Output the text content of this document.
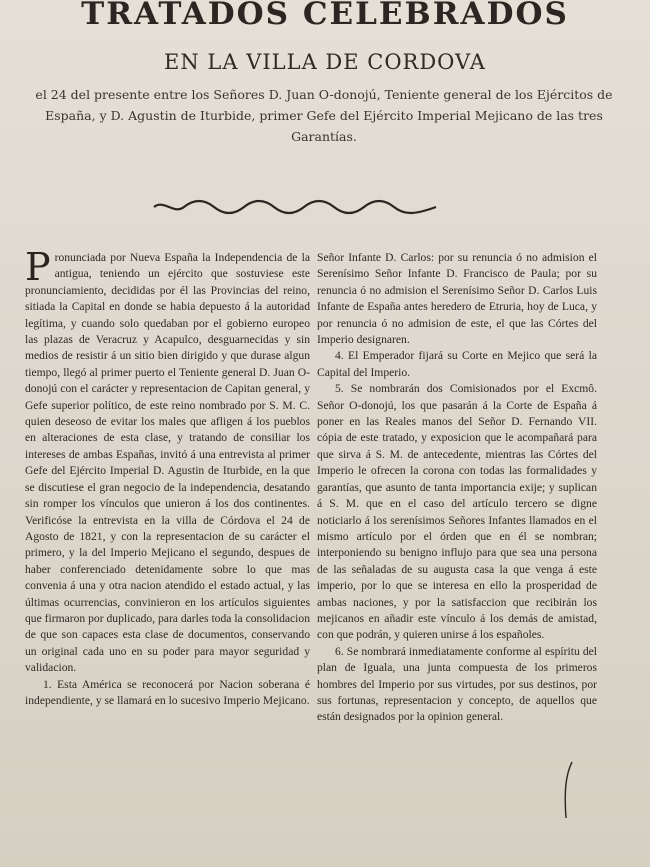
TRATADOS CELEBRADOS
EN LA VILLA DE CORDOVA
el 24 del presente entre los Señores D. Juan O-donojú, Teniente general de los Ejércitos de España, y D. Agustin de Iturbide, primer Gefe del Ejército Imperial Mejicano de las tres Garantías.

Pronunciada por Nueva España la Independencia de la antigua, teniendo un ejército que sostuviese este pronunciamiento, decididas por él las Provincias del reino, sitiada la Capital en donde se habia depuesto á la autoridad legítima, y cuando solo quedaban por el gobierno europeo las plazas de Veracruz y Acapulco, desguarnecidas y sin medios de resistir á un sitio bien dirigido y que durase algun tiempo, llegó al primer puerto el Teniente general D. Juan O-donojú con el carácter y representacion de Capitan general, y Gefe superior político, de este reino nombrado por S. M. C. quien deseoso de evitar los males que afligen á los pueblos en alteraciones de esta clase, y tratando de consiliar los intereses de ambas Españas, invitó á una entrevista al primer Gefe del Ejército Imperial D. Agustin de Iturbide, en la que se discutiese el gran negocio de la independencia, desatando sin romper los vínculos que unieron á los dos continentes. Verificóse la entrevista en la villa de Córdova el 24 de Agosto de 1821, y con la representacion de su carácter el primero, y la del Imperio Mejicano el segundo, despues de haber conferenciado detenidamente sobre lo que mas convenia á una y otra nacion atendido el estado actual, y las últimas ocurrencias, convinieron en los artículos siguientes que firmaron por duplicado, para darles toda la consolidacion de que son capaces esta clase de documentos, conservando un original cada uno en su poder para mayor seguridad y validacion.

1. Esta América se reconocerá por Nacion soberana é independiente, y se llamará en lo sucesivo Imperio Mejicano.

Señor Infante D. Carlos: por su renuncia ó no admision el Serenísimo Señor Infante D. Francisco de Paula; por su renuncia ó no admision el Serenísimo Señor D. Carlos Luis Infante de España antes heredero de Etruria, hoy de Luca, y por renuncia ó no admision de este, el que las Córtes del Imperio designaren.

4. El Emperador fijará su Corte en Mejico que será la Capital del Imperio.

5. Se nombrarán dos Comisionados por el Excmô. Señor O-donojú, los que pasarán á la Corte de España á poner en las Reales manos del Señor D. Fernando VII. cópia de este tratado, y exposicion que le acompañará para que sirva á S. M. de antecedente, mientras las Córtes del Imperio le ofrecen la corona con todas las formalidades y garantías, que asunto de tanta importancia exije; y suplican á S. M. que en el caso del artículo tercero se digne noticiarlo á los serenísimos Señores Infantes llamados en el mismo artículo por el órden que en él se nombran; interponiendo su benigno influjo para que sea una persona de las señaladas de su augusta casa la que venga á este imperio, por lo que se interesa en ello la prosperidad de ambas naciones, y por la satisfaccion que recibirán los mejicanos en añadir este vínculo á los demás de amistad, con que podrán, y quieren unirse á los españoles.

6. Se nombrará inmediatamente conforme al espíritu del plan de Iguala, una junta compuesta de los primeros hombres del Imperio por sus virtudes, por sus destinos, por sus fortunas, representacion y concepto, de aquellos que están designados por la opinion general.
